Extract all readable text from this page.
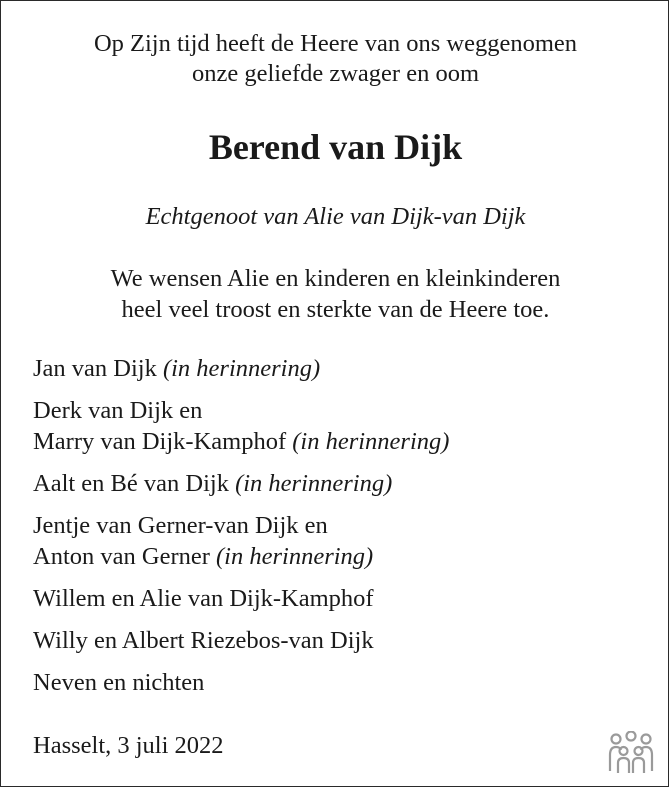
Op Zijn tijd heeft de Heere van ons weggenomen
onze geliefde zwager en oom
Berend van Dijk
Echtgenoot van Alie van Dijk-van Dijk
We wensen Alie en kinderen en kleinkinderen
heel veel troost en sterkte van de Heere toe.
Jan van Dijk (in herinnering)
Derk van Dijk en
Marry van Dijk-Kamphof (in herinnering)
Aalt en Bé van Dijk (in herinnering)
Jentje van Gerner-van Dijk en
Anton van Gerner (in herinnering)
Willem en Alie van Dijk-Kamphof
Willy en Albert Riezebos-van Dijk
Neven en nichten
Hasselt, 3 juli 2022
